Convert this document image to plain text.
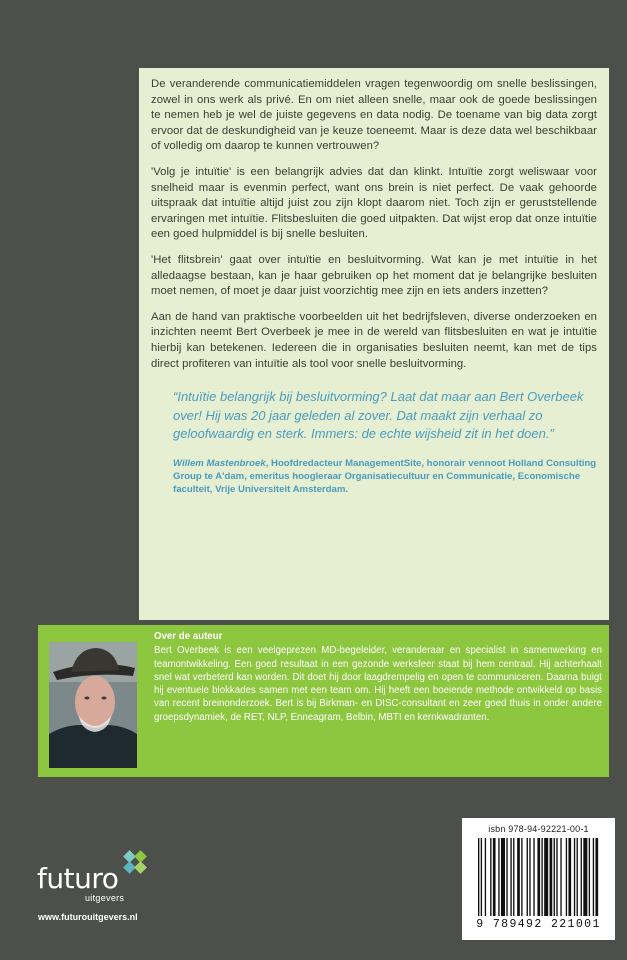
De veranderende communicatiemiddelen vragen tegenwoordig om snelle beslissingen, zowel in ons werk als privé. En om niet alleen snelle, maar ook de goede beslissingen te nemen heb je wel de juiste gegevens en data nodig. De toename van big data zorgt ervoor dat de deskundigheid van je keuze toeneemt. Maar is deze data wel beschikbaar of volledig om daarop te kunnen vertrouwen?

'Volg je intuïtie' is een belangrijk advies dat dan klinkt. Intuïtie zorgt weliswaar voor snelheid maar is evenmin perfect, want ons brein is niet perfect. De vaak gehoorde uitspraak dat intuïtie altijd juist zou zijn klopt daarom niet. Toch zijn er geruststellende ervaringen met intuïtie. Flitsbesluiten die goed uitpakten. Dat wijst erop dat onze intuïtie een goed hulpmiddel is bij snelle besluiten.

'Het flitsbrein' gaat over intuïtie en besluitvorming. Wat kan je met intuïtie in het alledaagse bestaan, kan je haar gebruiken op het moment dat je belangrijke besluiten moet nemen, of moet je daar juist voorzichtig mee zijn en iets anders inzetten?

Aan de hand van praktische voorbeelden uit het bedrijfsleven, diverse onderzoeken en inzichten neemt Bert Overbeek je mee in de wereld van flitsbesluiten en wat je intuïtie hierbij kan betekenen. Iedereen die in organisaties besluiten neemt, kan met de tips direct profiteren van intuïtie als tool voor snelle besluitvorming.

“Intuïtie belangrijk bij besluitvorming? Laat dat maar aan Bert Overbeek over! Hij was 20 jaar geleden al zover. Dat maakt zijn verhaal zo geloofwaardig en sterk. Immers: de echte wijsheid zit in het doen.”
Willem Mastenbroek, Hoofdredacteur ManagementSite, honorair vennoot Holland Consulting Group te A'dam, emeritus hoogleraar Organisatiecultuur en Communicatie, Economische faculteit, Vrije Universiteit Amsterdam.
Over de auteur
Bert Overbeek is een veelgeprezen MD-begeleider, veranderaar en specialist in samenwerking en teamontwikkeling. Een goed resultaat in een gezonde werksfeer staat bij hem centraal. Hij achterhaalt snel wat verbeterd kan worden. Dit doet hij door laagdrempelig en open te communiceren. Daarna buigt hij eventuele blokkades samen met een team om. Hij heeft een boeiende methode ontwikkeld op basis van recent breinonderzoek. Bert is bij Birkman- en DISC-consultant en zeer goed thuis in onder andere groepsdynamiek, de RET, NLP, Enneagram, Belbin, MBTI en kernkwadranten.
futuro
uitgevers
www.futurouitgevers.nl
isbn 978-94-92221-00-1
9 789492 221001
